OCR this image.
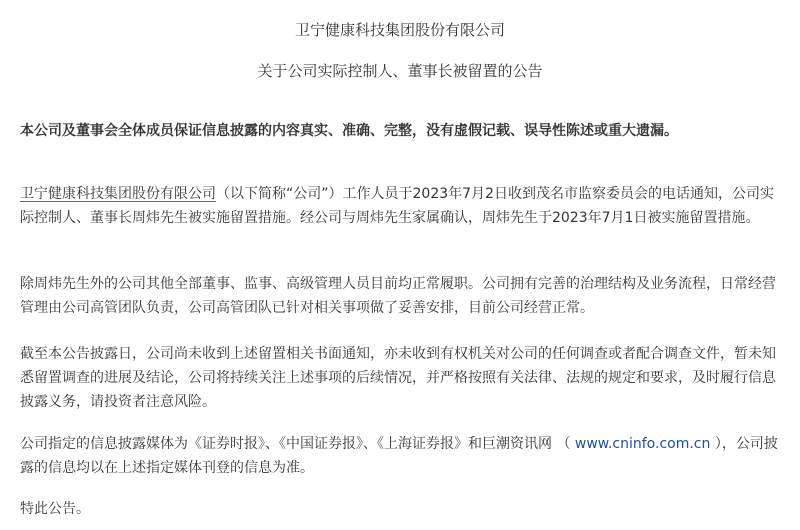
卫宁健康科技集团股份有限公司
关于公司实际控制人、董事长被留置的公告

本公司及董事会全体成员保证信息披露的内容真实、准确、完整，没有虚假记载、误导性陈述或重大遗漏。

卫宁健康科技集团股份有限公司（以下简称“公司”）工作人员于2023年7月2日收到茂名市监察委员会的电话通知，公司实际控制人、董事长周炜先生被实施留置措施。经公司与周炜先生家属确认，周炜先生于2023年7月1日被实施留置措施。

除周炜先生外的公司其他全部董事、监事、高级管理人员目前均正常履职。公司拥有完善的治理结构及业务流程，日常经营管理由公司高管团队负责，公司高管团队已针对相关事项做了妥善安排，目前公司经营正常。

截至本公告披露日，公司尚未收到上述留置相关书面通知，亦未收到有权机关对公司的任何调查或者配合调查文件，暂未知悉留置调查的进展及结论，公司将持续关注上述事项的后续情况，并严格按照有关法律、法规的规定和要求，及时履行信息披露义务，请投资者注意风险。

公司指定的信息披露媒体为《证券时报》、《中国证券报》、《上海证券报》和巨潮资讯网 （ www.cninfo.com.cn ），公司披露的信息均以在上述指定媒体刊登的信息为准。

特此公告。
